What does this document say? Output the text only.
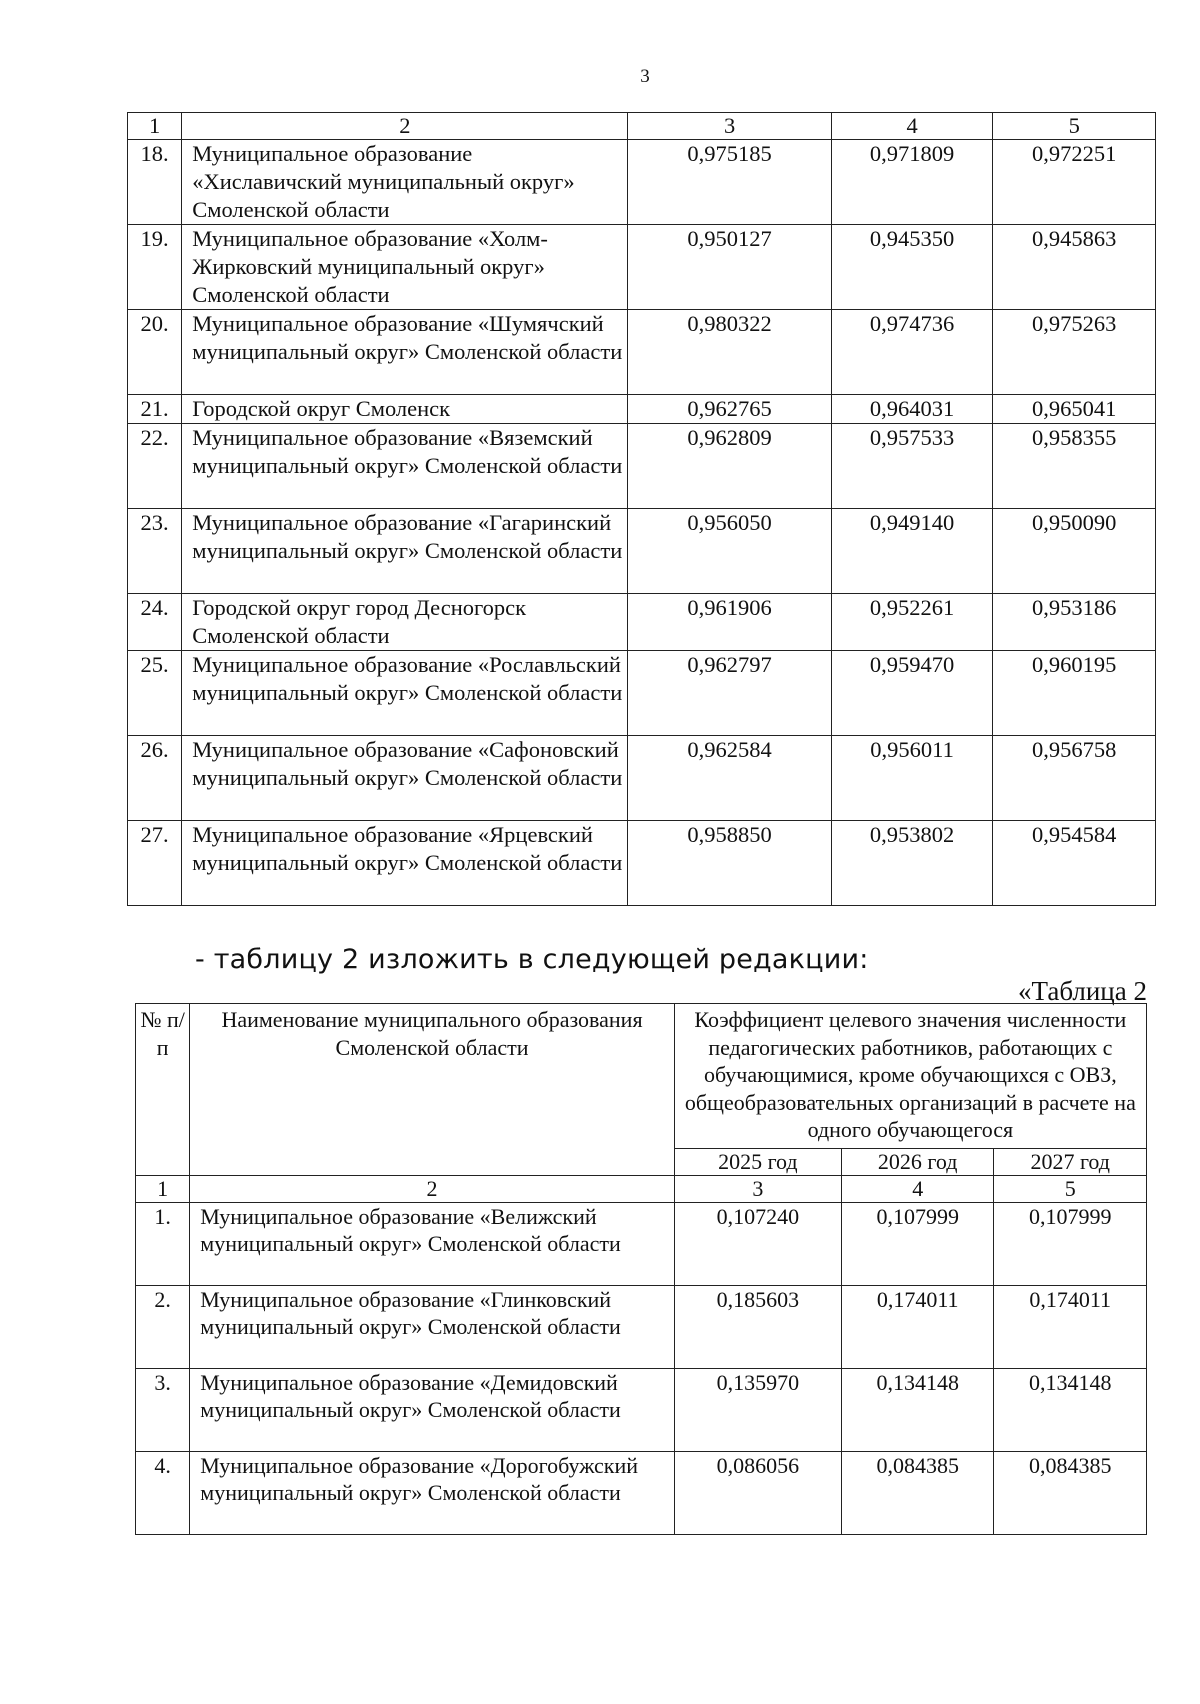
3
1	2	3	4	5
18.	Муниципальное образование «Хиславичский муниципальный округ» Смоленской области	0,975185	0,971809	0,972251
19.	Муниципальное образование «Холм-Жирковский муниципальный округ» Смоленской области	0,950127	0,945350	0,945863
20.	Муниципальное образование «Шумячский муниципальный округ» Смоленской области	0,980322	0,974736	0,975263
21.	Городской округ Смоленск	0,962765	0,964031	0,965041
22.	Муниципальное образование «Вяземский муниципальный округ» Смоленской области	0,962809	0,957533	0,958355
23.	Муниципальное образование «Гагаринский муниципальный округ» Смоленской области	0,956050	0,949140	0,950090
24.	Городской округ город Десногорск Смоленской области	0,961906	0,952261	0,953186
25.	Муниципальное образование «Рославльский муниципальный округ» Смоленской области	0,962797	0,959470	0,960195
26.	Муниципальное образование «Сафоновский муниципальный округ» Смоленской области	0,962584	0,956011	0,956758
27.	Муниципальное образование «Ярцевский муниципальный округ» Смоленской области	0,958850	0,953802	0,954584
- таблицу 2 изложить в следующей редакции:
«Таблица 2
№ п/п	Наименование муниципального образования Смоленской области	Коэффициент целевого значения численности педагогических работников, работающих с обучающимися, кроме обучающихся с ОВЗ, общеобразовательных организаций в расчете на одного обучающегося		
		2025 год	2026 год	2027 год
1	2	3	4	5
1.	Муниципальное образование «Велижский муниципальный округ» Смоленской области	0,107240	0,107999	0,107999
2.	Муниципальное образование «Глинковский муниципальный округ» Смоленской области	0,185603	0,174011	0,174011
3.	Муниципальное образование «Демидовский муниципальный округ» Смоленской области	0,135970	0,134148	0,134148
4.	Муниципальное образование «Дорогобужский муниципальный округ» Смоленской области	0,086056	0,084385	0,084385
